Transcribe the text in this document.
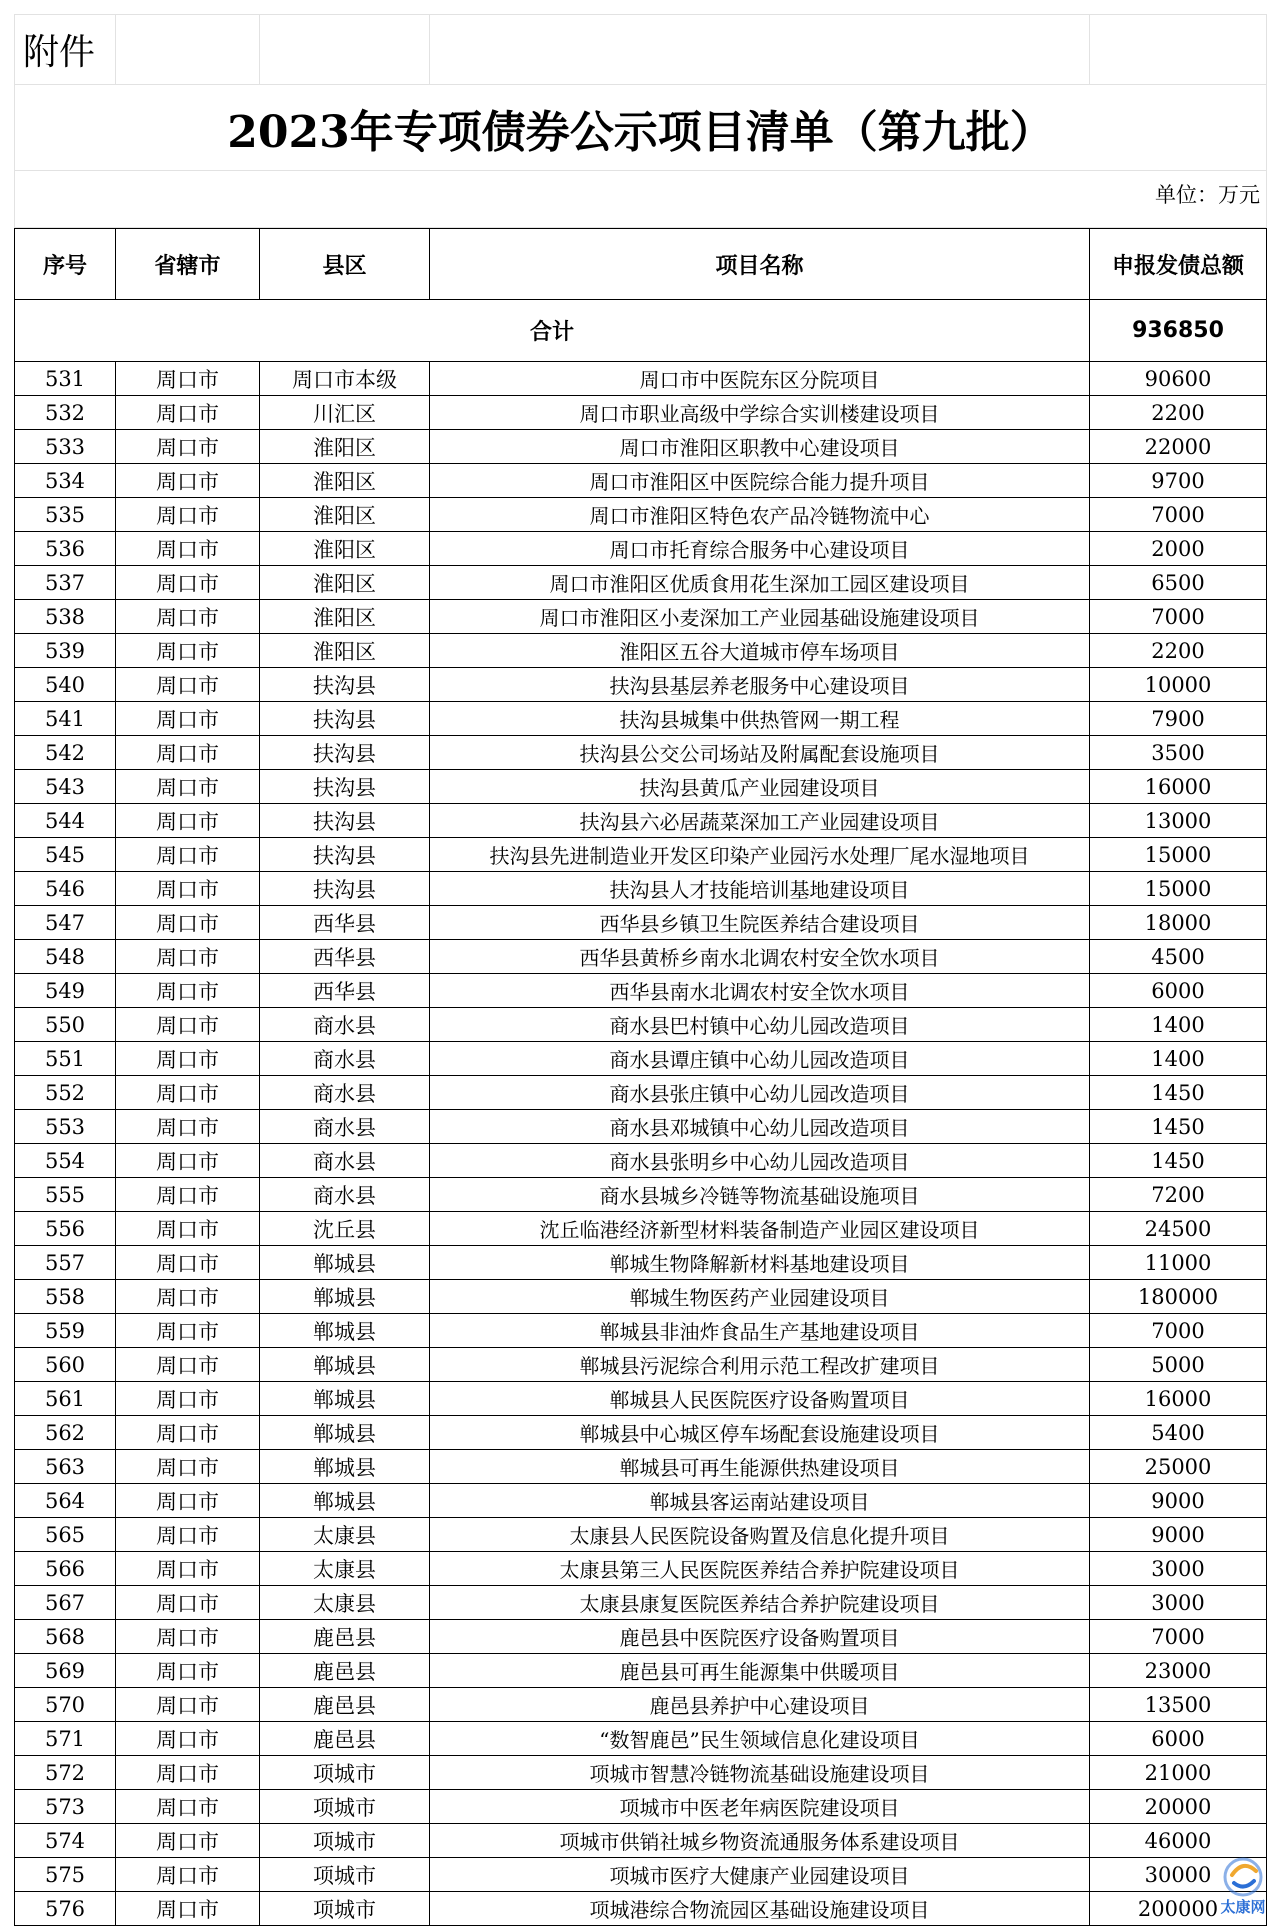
附件				
2023年专项债券公示项目清单（第九批）
单位：万元
序号	省辖市	县区	项目名称	申报发债总额
合计				936850
531	周口市	周口市本级	周口市中医院东区分院项目	90600
532	周口市	川汇区	周口市职业高级中学综合实训楼建设项目	2200
533	周口市	淮阳区	周口市淮阳区职教中心建设项目	22000
534	周口市	淮阳区	周口市淮阳区中医院综合能力提升项目	9700
535	周口市	淮阳区	周口市淮阳区特色农产品冷链物流中心	7000
536	周口市	淮阳区	周口市托育综合服务中心建设项目	2000
537	周口市	淮阳区	周口市淮阳区优质食用花生深加工园区建设项目	6500
538	周口市	淮阳区	周口市淮阳区小麦深加工产业园基础设施建设项目	7000
539	周口市	淮阳区	淮阳区五谷大道城市停车场项目	2200
540	周口市	扶沟县	扶沟县基层养老服务中心建设项目	10000
541	周口市	扶沟县	扶沟县城集中供热管网一期工程	7900
542	周口市	扶沟县	扶沟县公交公司场站及附属配套设施项目	3500
543	周口市	扶沟县	扶沟县黄瓜产业园建设项目	16000
544	周口市	扶沟县	扶沟县六必居蔬菜深加工产业园建设项目	13000
545	周口市	扶沟县	扶沟县先进制造业开发区印染产业园污水处理厂尾水湿地项目	15000
546	周口市	扶沟县	扶沟县人才技能培训基地建设项目	15000
547	周口市	西华县	西华县乡镇卫生院医养结合建设项目	18000
548	周口市	西华县	西华县黄桥乡南水北调农村安全饮水项目	4500
549	周口市	西华县	西华县南水北调农村安全饮水项目	6000
550	周口市	商水县	商水县巴村镇中心幼儿园改造项目	1400
551	周口市	商水县	商水县谭庄镇中心幼儿园改造项目	1400
552	周口市	商水县	商水县张庄镇中心幼儿园改造项目	1450
553	周口市	商水县	商水县邓城镇中心幼儿园改造项目	1450
554	周口市	商水县	商水县张明乡中心幼儿园改造项目	1450
555	周口市	商水县	商水县城乡冷链等物流基础设施项目	7200
556	周口市	沈丘县	沈丘临港经济新型材料装备制造产业园区建设项目	24500
557	周口市	郸城县	郸城生物降解新材料基地建设项目	11000
558	周口市	郸城县	郸城生物医药产业园建设项目	180000
559	周口市	郸城县	郸城县非油炸食品生产基地建设项目	7000
560	周口市	郸城县	郸城县污泥综合利用示范工程改扩建项目	5000
561	周口市	郸城县	郸城县人民医院医疗设备购置项目	16000
562	周口市	郸城县	郸城县中心城区停车场配套设施建设项目	5400
563	周口市	郸城县	郸城县可再生能源供热建设项目	25000
564	周口市	郸城县	郸城县客运南站建设项目	9000
565	周口市	太康县	太康县人民医院设备购置及信息化提升项目	9000
566	周口市	太康县	太康县第三人民医院医养结合养护院建设项目	3000
567	周口市	太康县	太康县康复医院医养结合养护院建设项目	3000
568	周口市	鹿邑县	鹿邑县中医院医疗设备购置项目	7000
569	周口市	鹿邑县	鹿邑县可再生能源集中供暖项目	23000
570	周口市	鹿邑县	鹿邑县养护中心建设项目	13500
571	周口市	鹿邑县	“数智鹿邑”民生领域信息化建设项目	6000
572	周口市	项城市	项城市智慧冷链物流基础设施建设项目	21000
573	周口市	项城市	项城市中医老年病医院建设项目	20000
574	周口市	项城市	项城市供销社城乡物资流通服务体系建设项目	46000
575	周口市	项城市	项城市医疗大健康产业园建设项目	30000
576	周口市	项城市	项城港综合物流园区基础设施建设项目	200000 太康网
